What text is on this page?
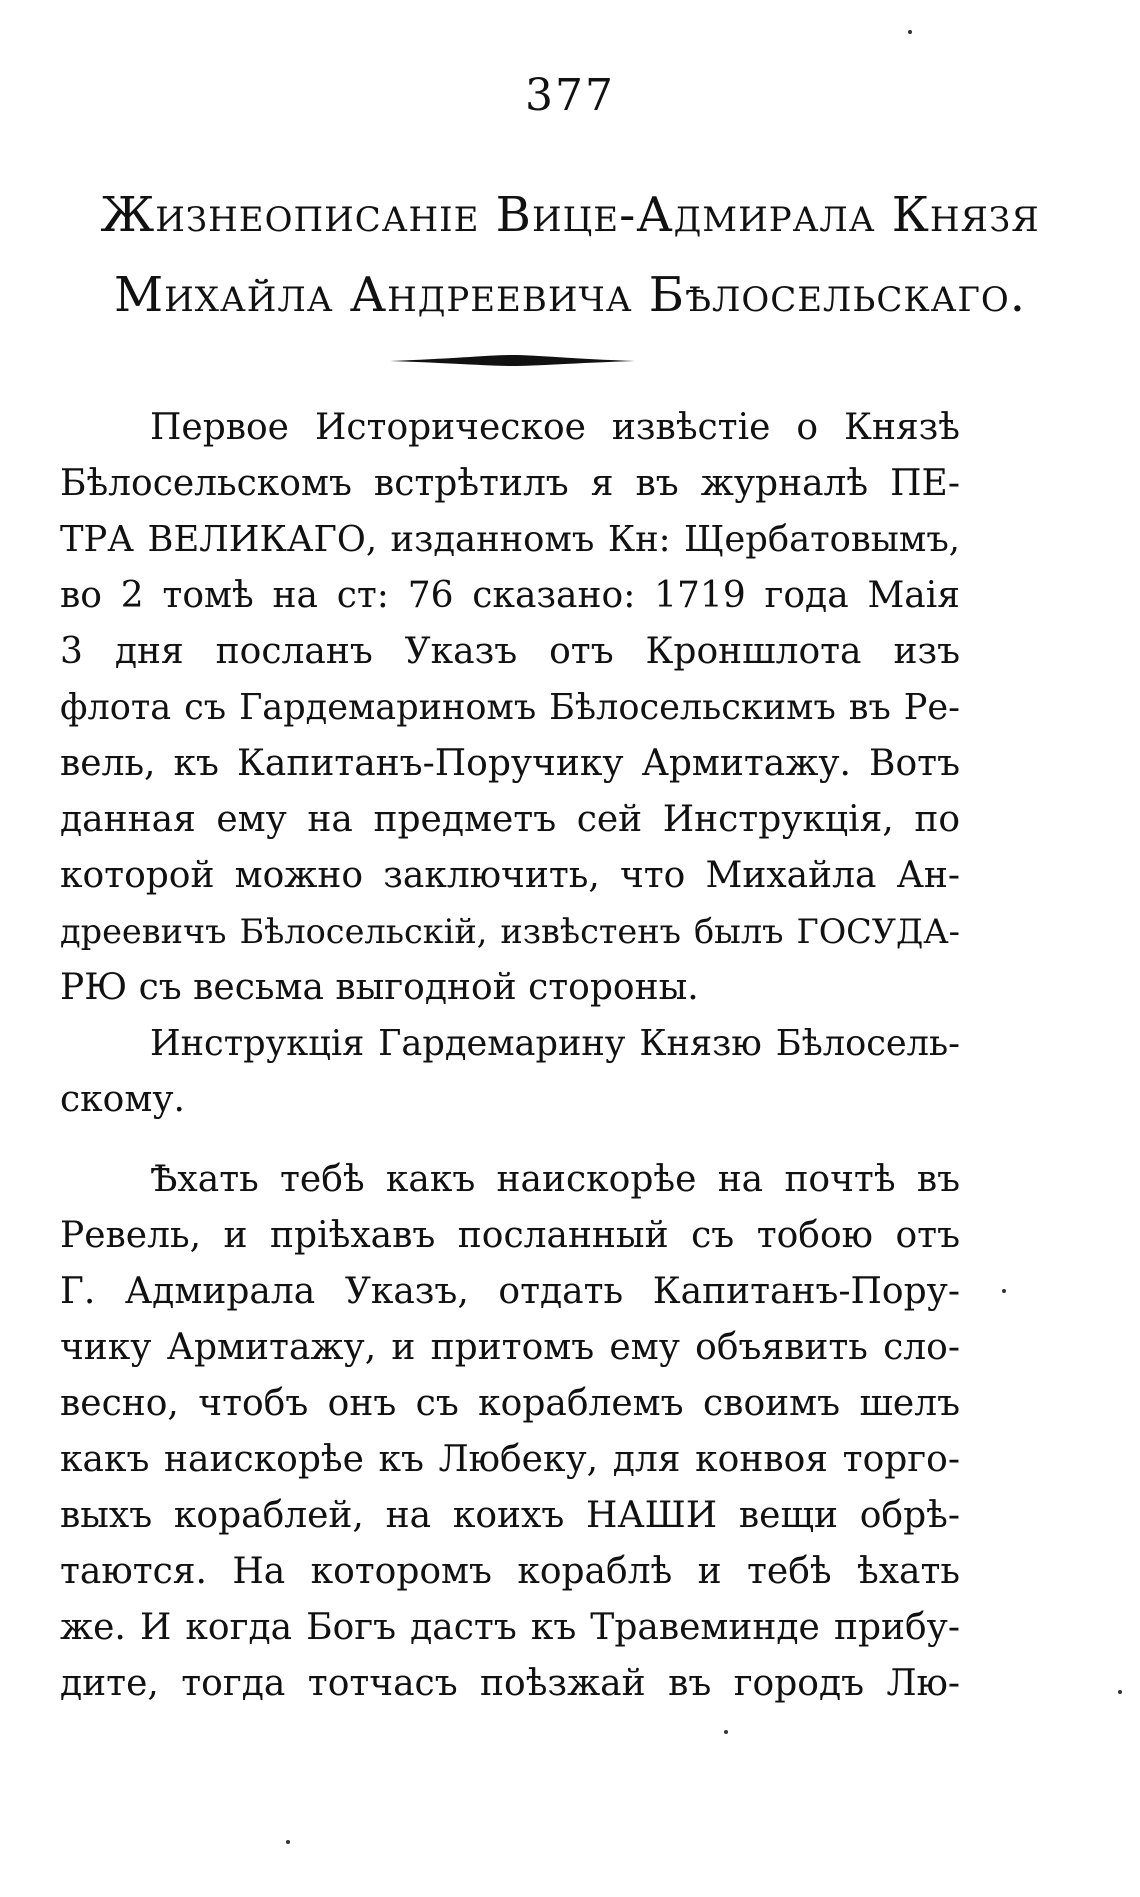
377
Жизнеописаніе Вице-Адмирала Князя
Михайла Андреевича Бѣлосельскаго.
Первое Историческое извѣстіе о Князѣ
Бѣлосельскомъ встрѣтилъ я въ журналѣ ПЕ-
ТРА ВЕЛИКАГО, изданномъ Кн: Щербатовымъ,
во 2 томѣ на ст: 76 сказано: 1719 года Маія
3 дня посланъ Указъ отъ Кроншлота изъ
флота съ Гардемариномъ Бѣлосельскимъ въ Ре-
вель, къ Капитанъ-Поручику Армитажу. Вотъ
данная ему на предметъ сей Инструкція, по
которой можно заключить, что Михайла Ан-
дреевичъ Бѣлосельскій, извѣстенъ былъ ГОСУДА-
РЮ съ весьма выгодной стороны.
Инструкція Гардемарину Князю Бѣлосель-
скому.
Ѣхать тебѣ какъ наискорѣе на почтѣ въ
Ревель, и пріѣхавъ посланный съ тобою отъ
Г. Адмирала Указъ, отдать Капитанъ-Пору-
чику Армитажу, и притомъ ему объявить сло-
весно, чтобъ онъ съ кораблемъ своимъ шелъ
какъ наискорѣе къ Любеку, для конвоя торго-
выхъ кораблей, на коихъ НАШИ вещи обрѣ-
таются. На которомъ кораблѣ и тебѣ ѣхать
же. И когда Богъ дастъ къ Травеминде прибу-
дите, тогда тотчасъ поѣзжай въ городъ Лю-
